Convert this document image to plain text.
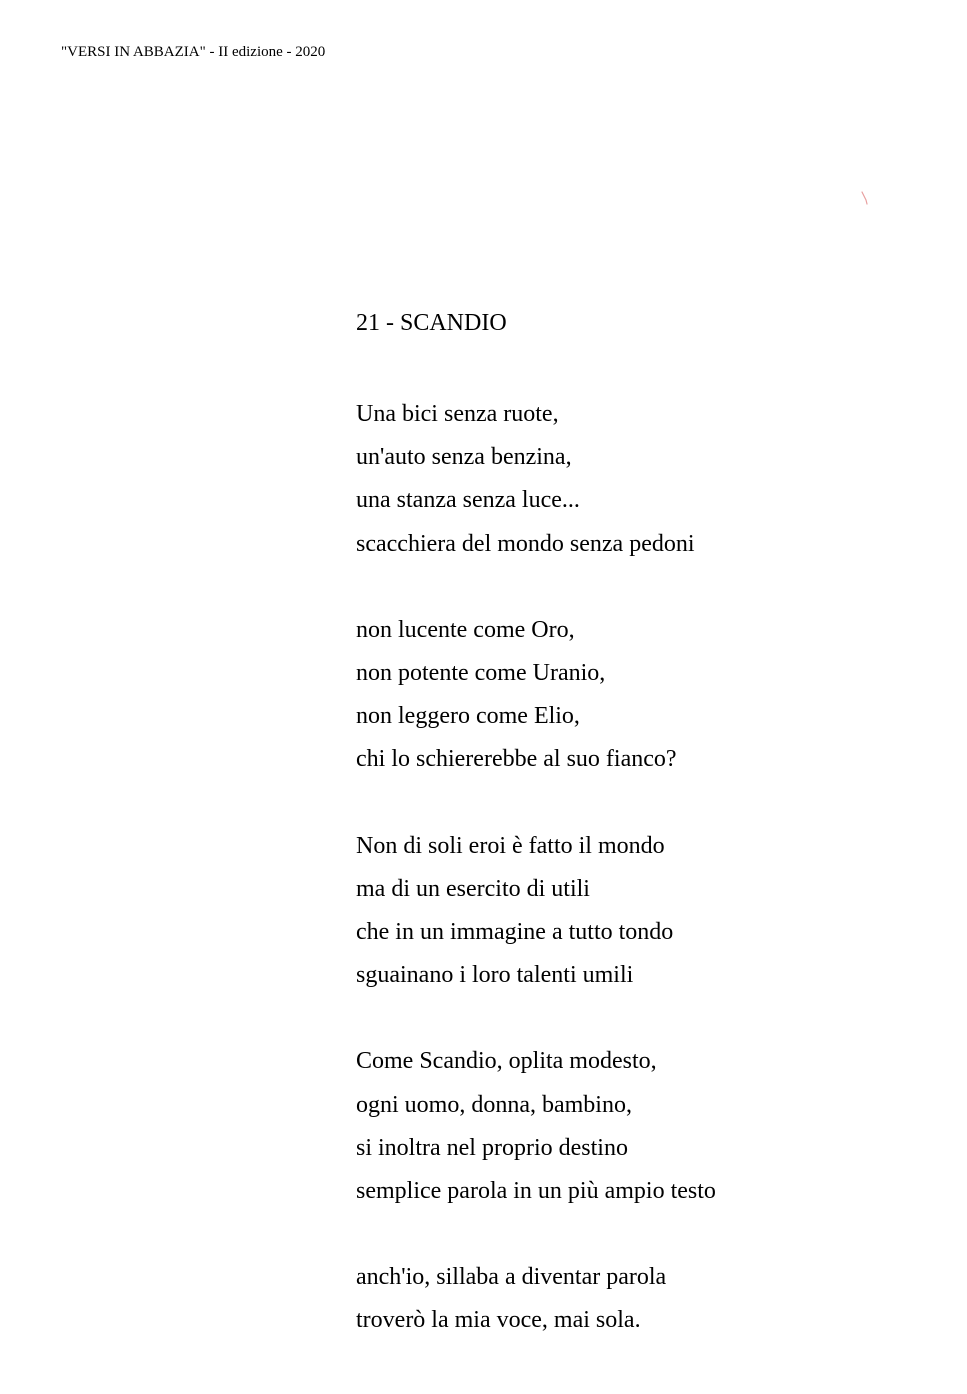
"VERSI IN ABBAZIA" - II edizione - 2020
21 - SCANDIO
Una bici senza ruote,
un'auto senza benzina,
una stanza senza luce...
scacchiera del mondo senza pedoni
non lucente come Oro,
non potente come Uranio,
non leggero come Elio,
chi lo schiererebbe al suo fianco?
Non di soli eroi è fatto il mondo
ma di un esercito di utili
che in un immagine a tutto tondo
sguainano i loro talenti umili
Come Scandio, oplita modesto,
ogni uomo, donna, bambino,
si inoltra nel proprio destino
semplice parola in un più ampio testo
anch'io, sillaba a diventar parola
troverò la mia voce, mai sola.
